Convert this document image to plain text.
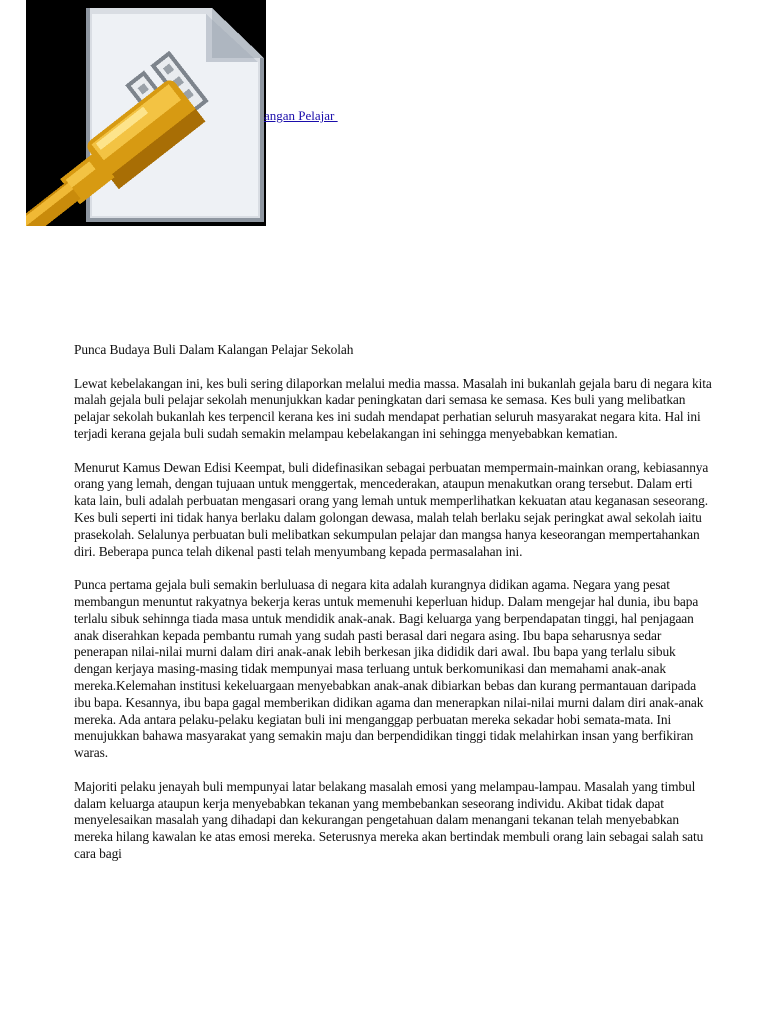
angan Pelajar

Punca Budaya Buli Dalam Kalangan Pelajar Sekolah

Lewat kebelakangan ini, kes buli sering dilaporkan melalui media massa. Masalah ini bukanlah gejala baru di negara kita malah gejala buli pelajar sekolah menunjukkan kadar peningkatan dari semasa ke semasa. Kes buli yang melibatkan pelajar sekolah bukanlah kes terpencil kerana kes ini sudah mendapat perhatian seluruh masyarakat negara kita. Hal ini terjadi kerana gejala buli sudah semakin melampau kebelakangan ini sehingga menyebabkan kematian.

Menurut Kamus Dewan Edisi Keempat, buli didefinasikan sebagai perbuatan mempermain-mainkan orang, kebiasannya orang yang lemah, dengan tujuaan untuk menggertak, mencederakan, ataupun menakutkan orang tersebut. Dalam erti kata lain, buli adalah perbuatan mengasari orang yang lemah untuk memperlihatkan kekuatan atau keganasan seseorang. Kes buli seperti ini tidak hanya berlaku dalam golongan dewasa, malah telah berlaku sejak peringkat awal sekolah iaitu prasekolah. Selalunya perbuatan buli melibatkan sekumpulan pelajar dan mangsa hanya keseorangan mempertahankan diri. Beberapa punca telah dikenal pasti telah menyumbang kepada permasalahan ini.

Punca pertama gejala buli semakin berluluasa di negara kita adalah kurangnya didikan agama. Negara yang pesat membangun menuntut rakyatnya bekerja keras untuk memenuhi keperluan hidup. Dalam mengejar hal dunia, ibu bapa terlalu sibuk sehinnga tiada masa untuk mendidik anak-anak. Bagi keluarga yang berpendapatan tinggi, hal penjagaan anak diserahkan kepada pembantu rumah yang sudah pasti berasal dari negara asing. Ibu bapa seharusnya sedar penerapan nilai-nilai murni dalam diri anak-anak lebih berkesan jika dididik dari awal. Ibu bapa yang terlalu sibuk dengan kerjaya masing-masing tidak mempunyai masa terluang untuk berkomunikasi dan memahami anak-anak mereka.Kelemahan institusi kekeluargaan menyebabkan anak-anak dibiarkan bebas dan kurang permantauan daripada ibu bapa. Kesannya, ibu bapa gagal memberikan didikan agama dan menerapkan nilai-nilai murni dalam diri anak-anak mereka. Ada antara pelaku-pelaku kegiatan buli ini menganggap perbuatan mereka sekadar hobi semata-mata. Ini menujukkan bahawa masyarakat yang semakin maju dan berpendidikan tinggi tidak melahirkan insan yang berfikiran waras.

Majoriti pelaku jenayah buli mempunyai latar belakang masalah emosi yang melampau-lampau. Masalah yang timbul dalam keluarga ataupun kerja menyebabkan tekanan yang membebankan seseorang individu. Akibat tidak dapat menyelesaikan masalah yang dihadapi dan kekurangan pengetahuan dalam menangani tekanan telah menyebabkan mereka hilang kawalan ke atas emosi mereka. Seterusnya mereka akan bertindak membuli orang lain sebagai salah satu cara bagi
